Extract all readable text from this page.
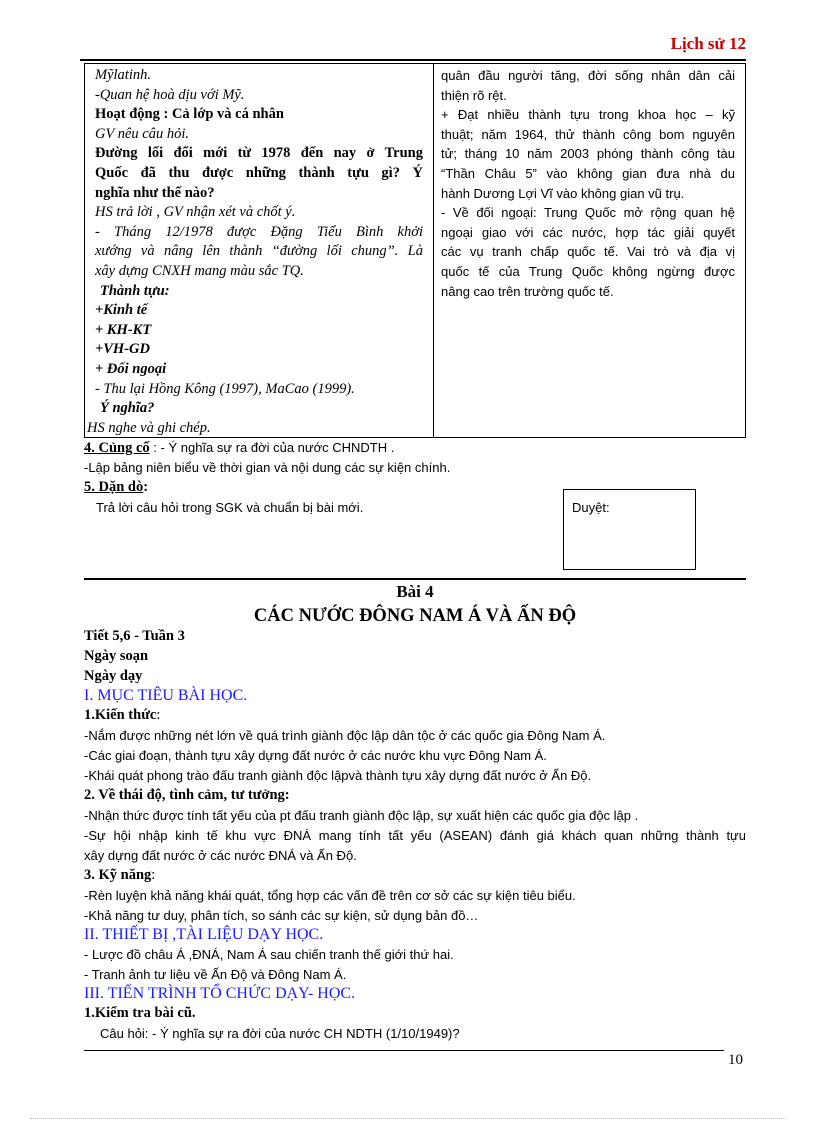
Lịch sử 12
Mỹlatinh.
-Quan hệ hoà dịu với Mỹ.
Hoạt động : Cả lớp và cá nhân
GV nêu câu hỏi.
Đường lối đổi mới từ 1978 đến nay ở Trung
Quốc đã thu được những thành tựu gì? Ý
nghĩa như thế nào?
HS trả lời , GV nhận xét và chốt ý.
- Tháng 12/1978 được Đặng Tiểu Bình khởi
xướng và nâng lên thành “đường lối chung”. Là
xây dựng CNXH mang màu sắc TQ.
Thành tựu:
+Kinh tế
+ KH-KT
+VH-GD
+ Đối ngoại
- Thu lại Hồng Kông (1997), MaCao (1999).
Ý nghĩa?
HS nghe và ghi chép.
quân đầu người tăng, đời sống nhân dân cải
thiện rõ rệt.
+ Đạt nhiều thành tựu trong khoa học – kỹ
thuật; năm 1964, thử thành công bom nguyên
tử; tháng 10 năm 2003 phóng thành công tàu
“Thần Châu 5” vào không gian đưa nhà du
hành Dương Lợi Vĩ vào không gian vũ trụ.
- Về đối ngoại: Trung Quốc mở rộng quan hệ
ngoại giao với các nước, hợp tác giải quyết
các vụ tranh chấp quốc tế. Vai trò và địa vị
quốc tế của Trung Quốc không ngừng được
nâng cao trên trường quốc tế.
4. Củng cố : - Ý nghĩa sự ra đời của nước CHNDTH .
-Lập bảng niên biểu về thời gian và nội dung các sự kiện chính.
5. Dặn dò:
Trả lời câu hỏi trong SGK và chuẩn bị bài mới.	Duyệt:
Bài 4
CÁC NƯỚC ĐÔNG NAM Á VÀ ẤN ĐỘ
Tiết 5,6 - Tuần 3
Ngày soạn
Ngày dạy
I. MỤC TIÊU BÀI HỌC.
1.Kiến thức:
-Nắm được những nét lớn về quá trình giành độc lập dân tộc ở các quốc gia Đông Nam Á.
-Các giai đoạn, thành tựu xây dựng đất nước ở các nước khu vực Đông Nam Á.
-Khái quát phong trào đấu tranh giành độc lậpvà thành tựu xây dựng đất nước ở Ấn Độ.
2. Về thái độ, tình cảm, tư tưởng:
-Nhận thức được tính tất yếu của pt đấu tranh giành độc lập, sự xuất hiện các quốc gia độc lập .
-Sự hội nhập kinh tế khu vực ĐNÁ mang tính tất yếu (ASEAN) đánh giá khách quan những thành tựu
xây dựng đất nước ở các nước ĐNÁ và Ấn Độ.
3. Kỹ năng:
-Rèn luyện khả năng khái quát, tổng hợp các vấn đề trên cơ sở các sự kiện tiêu biểu.
-Khả năng tư duy, phân tích, so sánh các sự kiện, sử dụng bản đồ…
II. THIẾT BỊ ,TÀI LIỆU DẠY HỌC.
- Lược đồ châu Á ,ĐNÁ, Nam Á sau chiến tranh thế giới thứ hai.
- Tranh ảnh tư liệu về Ấn Độ và Đông Nam Á.
III. TIẾN TRÌNH TỔ CHỨC DẠY- HỌC.
1.Kiểm tra bài cũ.
Câu hỏi: - Ý nghĩa sự ra đời của nước CH NDTH (1/10/1949)?
10
